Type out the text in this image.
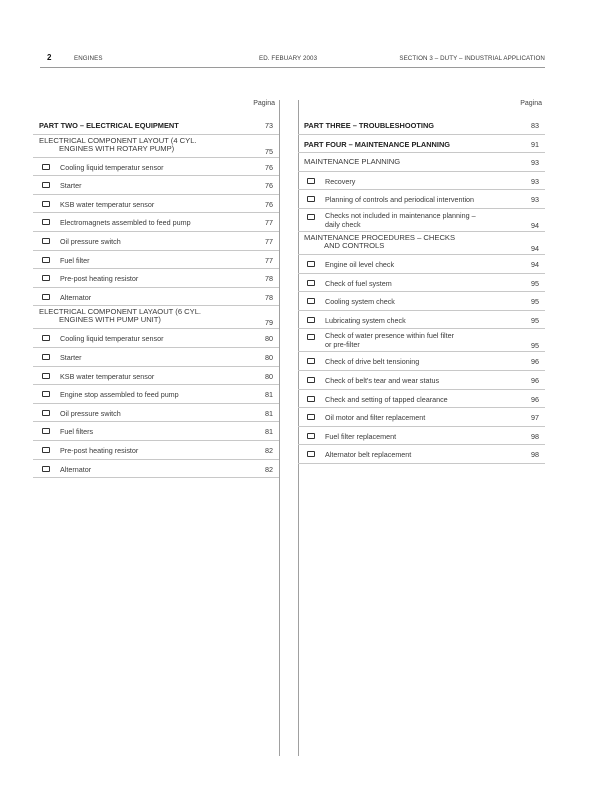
2	ENGINES	ED. FEBUARY 2003	SECTION 3 – DUTY – INDUSTRIAL APPLICATION
Pagina	Pagina
PART TWO – ELECTRICAL EQUIPMENT	73
ELECTRICAL COMPONENT LAYOUT (4 CYL.
ENGINES WITH ROTARY PUMP)	75
Cooling liquid temperatur sensor	76
Starter	76
KSB water temperatur sensor	76
Electromagnets assembled to feed pump	77
Oil pressure switch	77
Fuel filter	77
Pre-post heating resistor	78
Alternator	78
ELECTRICAL COMPONENT LAYAOUT (6 CYL.
ENGINES WITH PUMP UNIT)	79
Cooling liquid temperatur sensor	80
Starter	80
KSB water temperatur sensor	80
Engine stop assembled to feed pump	81
Oil pressure switch	81
Fuel filters	81
Pre-post heating resistor	82
Alternator	82
PART THREE – TROUBLESHOOTING	83
PART FOUR – MAINTENANCE PLANNING	91
MAINTENANCE PLANNING	93
Recovery	93
Planning of controls and periodical intervention	93
Checks not included in maintenance planning –
daily check	94
MAINTENANCE PROCEDURES – CHECKS
AND CONTROLS	94
Engine oil level check	94
Check of fuel system	95
Cooling system check	95
Lubricating system check	95
Check of water presence within fuel filter
or pre-filter	95
Check of drive belt tensioning	96
Check of belt's tear and wear status	96
Check and setting of tapped clearance	96
Oil motor and filter replacement	97
Fuel filter replacement	98
Alternator belt replacement	98
